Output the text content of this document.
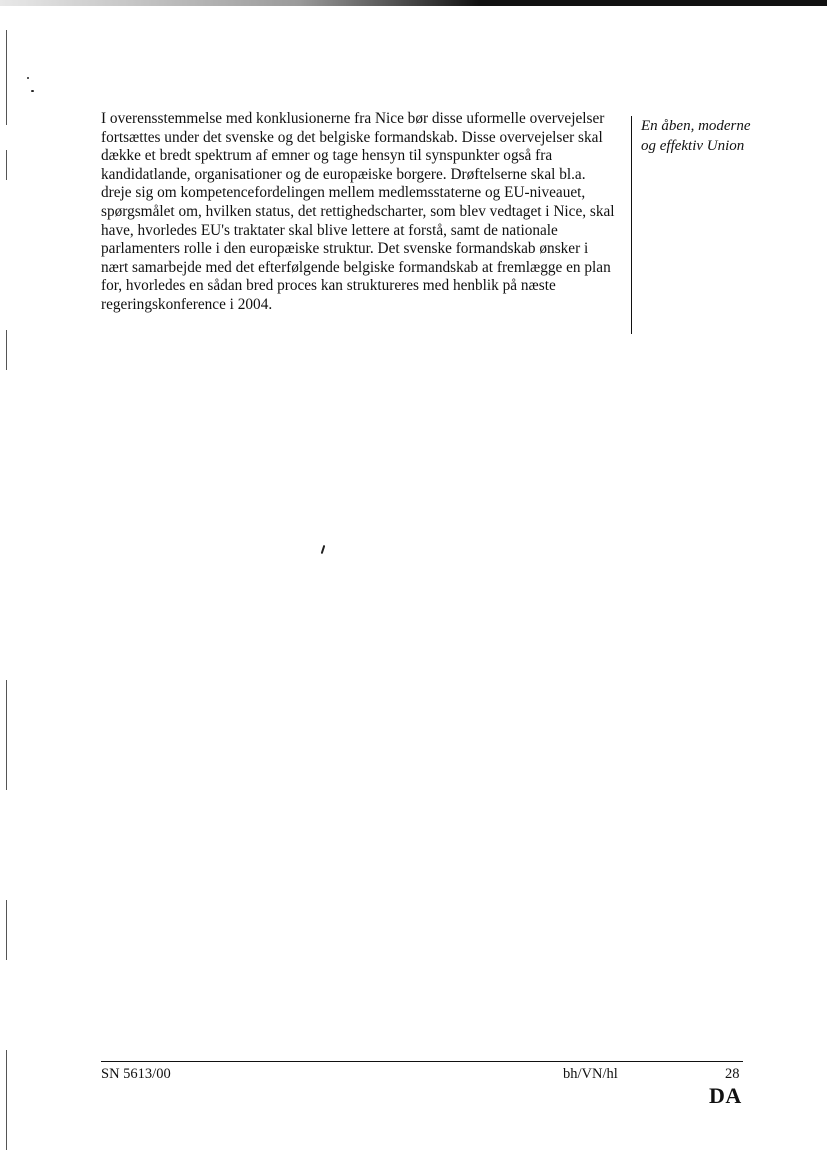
I overensstemmelse med konklusionerne fra Nice bør disse uformelle overvejelser fortsættes under det svenske og det belgiske formandskab. Disse overvejelser skal dække et bredt spektrum af emner og tage hensyn til synspunkter også fra kandidatlande, organisationer og de europæiske borgere. Drøftelserne skal bl.a. dreje sig om kompetencefordelingen mellem medlemsstaterne og EU-niveauet, spørgsmålet om, hvilken status, det rettighedscharter, som blev vedtaget i Nice, skal have, hvorledes EU's traktater skal blive lettere at forstå, samt de nationale parlamenters rolle i den europæiske struktur. Det svenske formandskab ønsker i nært samarbejde med det efterfølgende belgiske formandskab at fremlægge en plan for, hvorledes en sådan bred proces kan struktureres med henblik på næste regeringskonference i 2004.

En åben, moderne og effektiv Union

SN 5613/00	bh/VN/hl	28
DA
